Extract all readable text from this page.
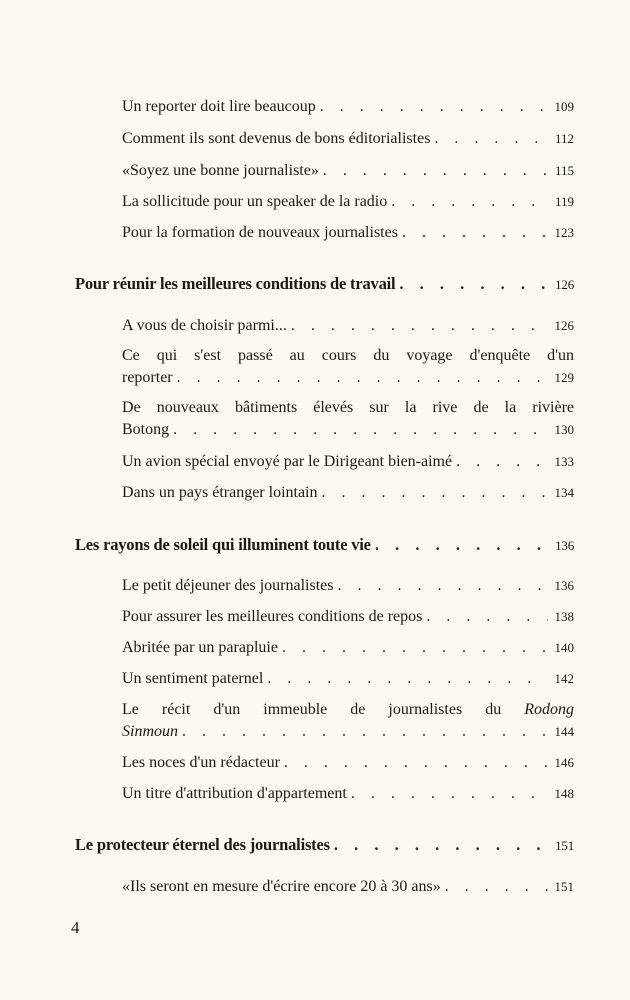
Un reporter doit lire beaucoup . . .	109
Comment ils sont devenus de bons éditorialistes . . .	112
«Soyez une bonne journaliste» . . .	115
La sollicitude pour un speaker de la radio . . .	119
Pour la formation de nouveaux journalistes . . .	123
Pour réunir les meilleures conditions de travail . . .	126
A vous de choisir parmi... . . .	126
Ce qui s'est passé au cours du voyage d'enquête d'un
reporter . . .	129
De nouveaux bâtiments élevés sur la rive de la rivière
Botong . . .	130
Un avion spécial envoyé par le Dirigeant bien-aimé . . .	133
Dans un pays étranger lointain . . .	134
Les rayons de soleil qui illuminent toute vie . . .	136
Le petit déjeuner des journalistes . . .	136
Pour assurer les meilleures conditions de repos . . .	138
Abritée par un parapluie . . .	140
Un sentiment paternel . . .	142
Le récit d'un immeuble de journalistes du Rodong
Sinmoun . . .	144
Les noces d'un rédacteur . . .	146
Un titre d'attribution d'appartement . . .	148
Le protecteur éternel des journalistes . . .	151
«Ils seront en mesure d'écrire encore 20 à 30 ans» . . .	151
4
